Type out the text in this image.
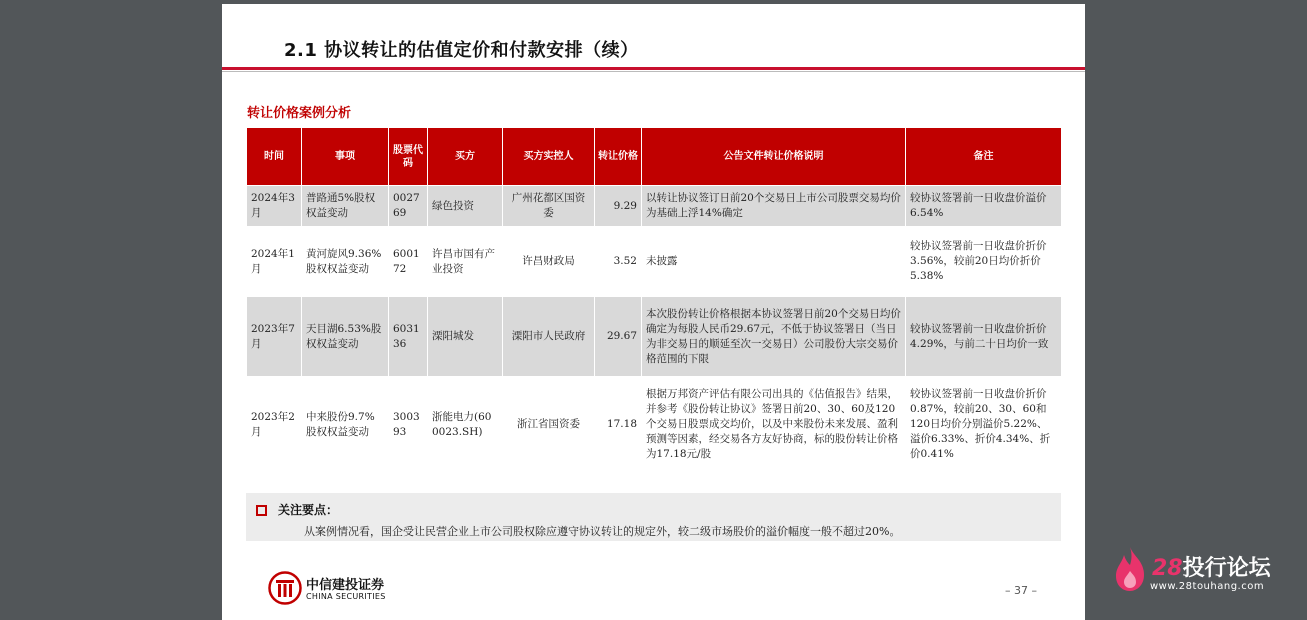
2.1 协议转让的估值定价和付款安排（续）
转让价格案例分析
时间	事项	股票代码	买方	买方实控人	转让价格	公告文件转让价格说明	备注
2024年3月	普路通5%股权权益变动	002769	绿色投资	广州花都区国资委	9.29	以转让协议签订日前20个交易日上市公司股票交易均价为基础上浮14%确定	较协议签署前一日收盘价溢价6.54%
2024年1月	黄河旋风9.36%股权权益变动	600172	许昌市国有产业投资	许昌财政局	3.52	未披露	较协议签署前一日收盘价折价3.56%，较前20日均价折价5.38%
2023年7月	天目湖6.53%股权权益变动	603136	溧阳城发	溧阳市人民政府	29.67	本次股份转让价格根据本协议签署日前20个交易日均价确定为每股人民币29.67元，不低于协议签署日（当日为非交易日的顺延至次一交易日）公司股份大宗交易价格范围的下限	较协议签署前一日收盘价折价4.29%，与前二十日均价一致
2023年2月	中来股份9.7%股权权益变动	300393	浙能电力(600023.SH)	浙江省国资委	17.18	根据万邦资产评估有限公司出具的《估值报告》结果，并参考《股份转让协议》签署日前20、30、60及120个交易日股票成交均价，以及中来股份未来发展、盈利预测等因素，经交易各方友好协商，标的股份转让价格为17.18元/股	较协议签署前一日收盘价折价0.87%，较前20、30、60和120日均价分别溢价5.22%、溢价6.33%、折价4.34%、折价0.41%
关注要点：
从案例情况看，国企受让民营企业上市公司股权除应遵守协议转让的规定外，较二级市场股价的溢价幅度一般不超过20%。
中信建投证券
CHINA SECURITIES	– 37 –
28投行论坛
www.28touhang.com
